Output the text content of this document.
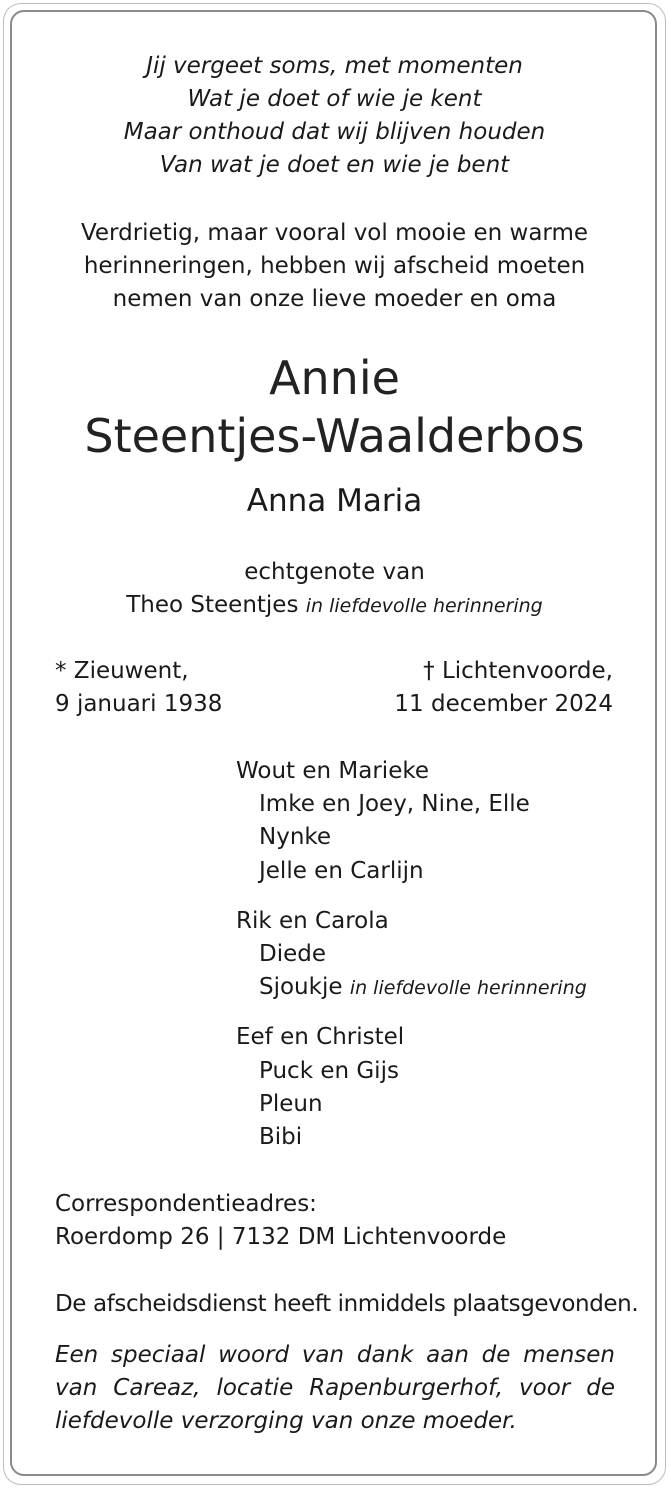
Jij vergeet soms, met momenten
Wat je doet of wie je kent
Maar onthoud dat wij blijven houden
Van wat je doet en wie je bent
Verdrietig, maar vooral vol mooie en warme
herinneringen, hebben wij afscheid moeten
nemen van onze lieve moeder en oma
Annie
Steentjes-Waalderbos
Anna Maria
echtgenote van
Theo Steentjes in liefdevolle herinnering
* Zieuwent,
9 januari 1938
† Lichtenvoorde,
11 december 2024
Wout en Marieke
Imke en Joey, Nine, Elle
Nynke
Jelle en Carlijn
Rik en Carola
Diede
Sjoukje in liefdevolle herinnering
Eef en Christel
Puck en Gijs
Pleun
Bibi
Correspondentieadres:
Roerdomp 26 | 7132 DM Lichtenvoorde
De afscheidsdienst heeft inmiddels plaatsgevonden.
Een speciaal woord van dank aan de mensen van Careaz, locatie Rapenburgerhof, voor de liefdevolle verzorging van onze moeder.
